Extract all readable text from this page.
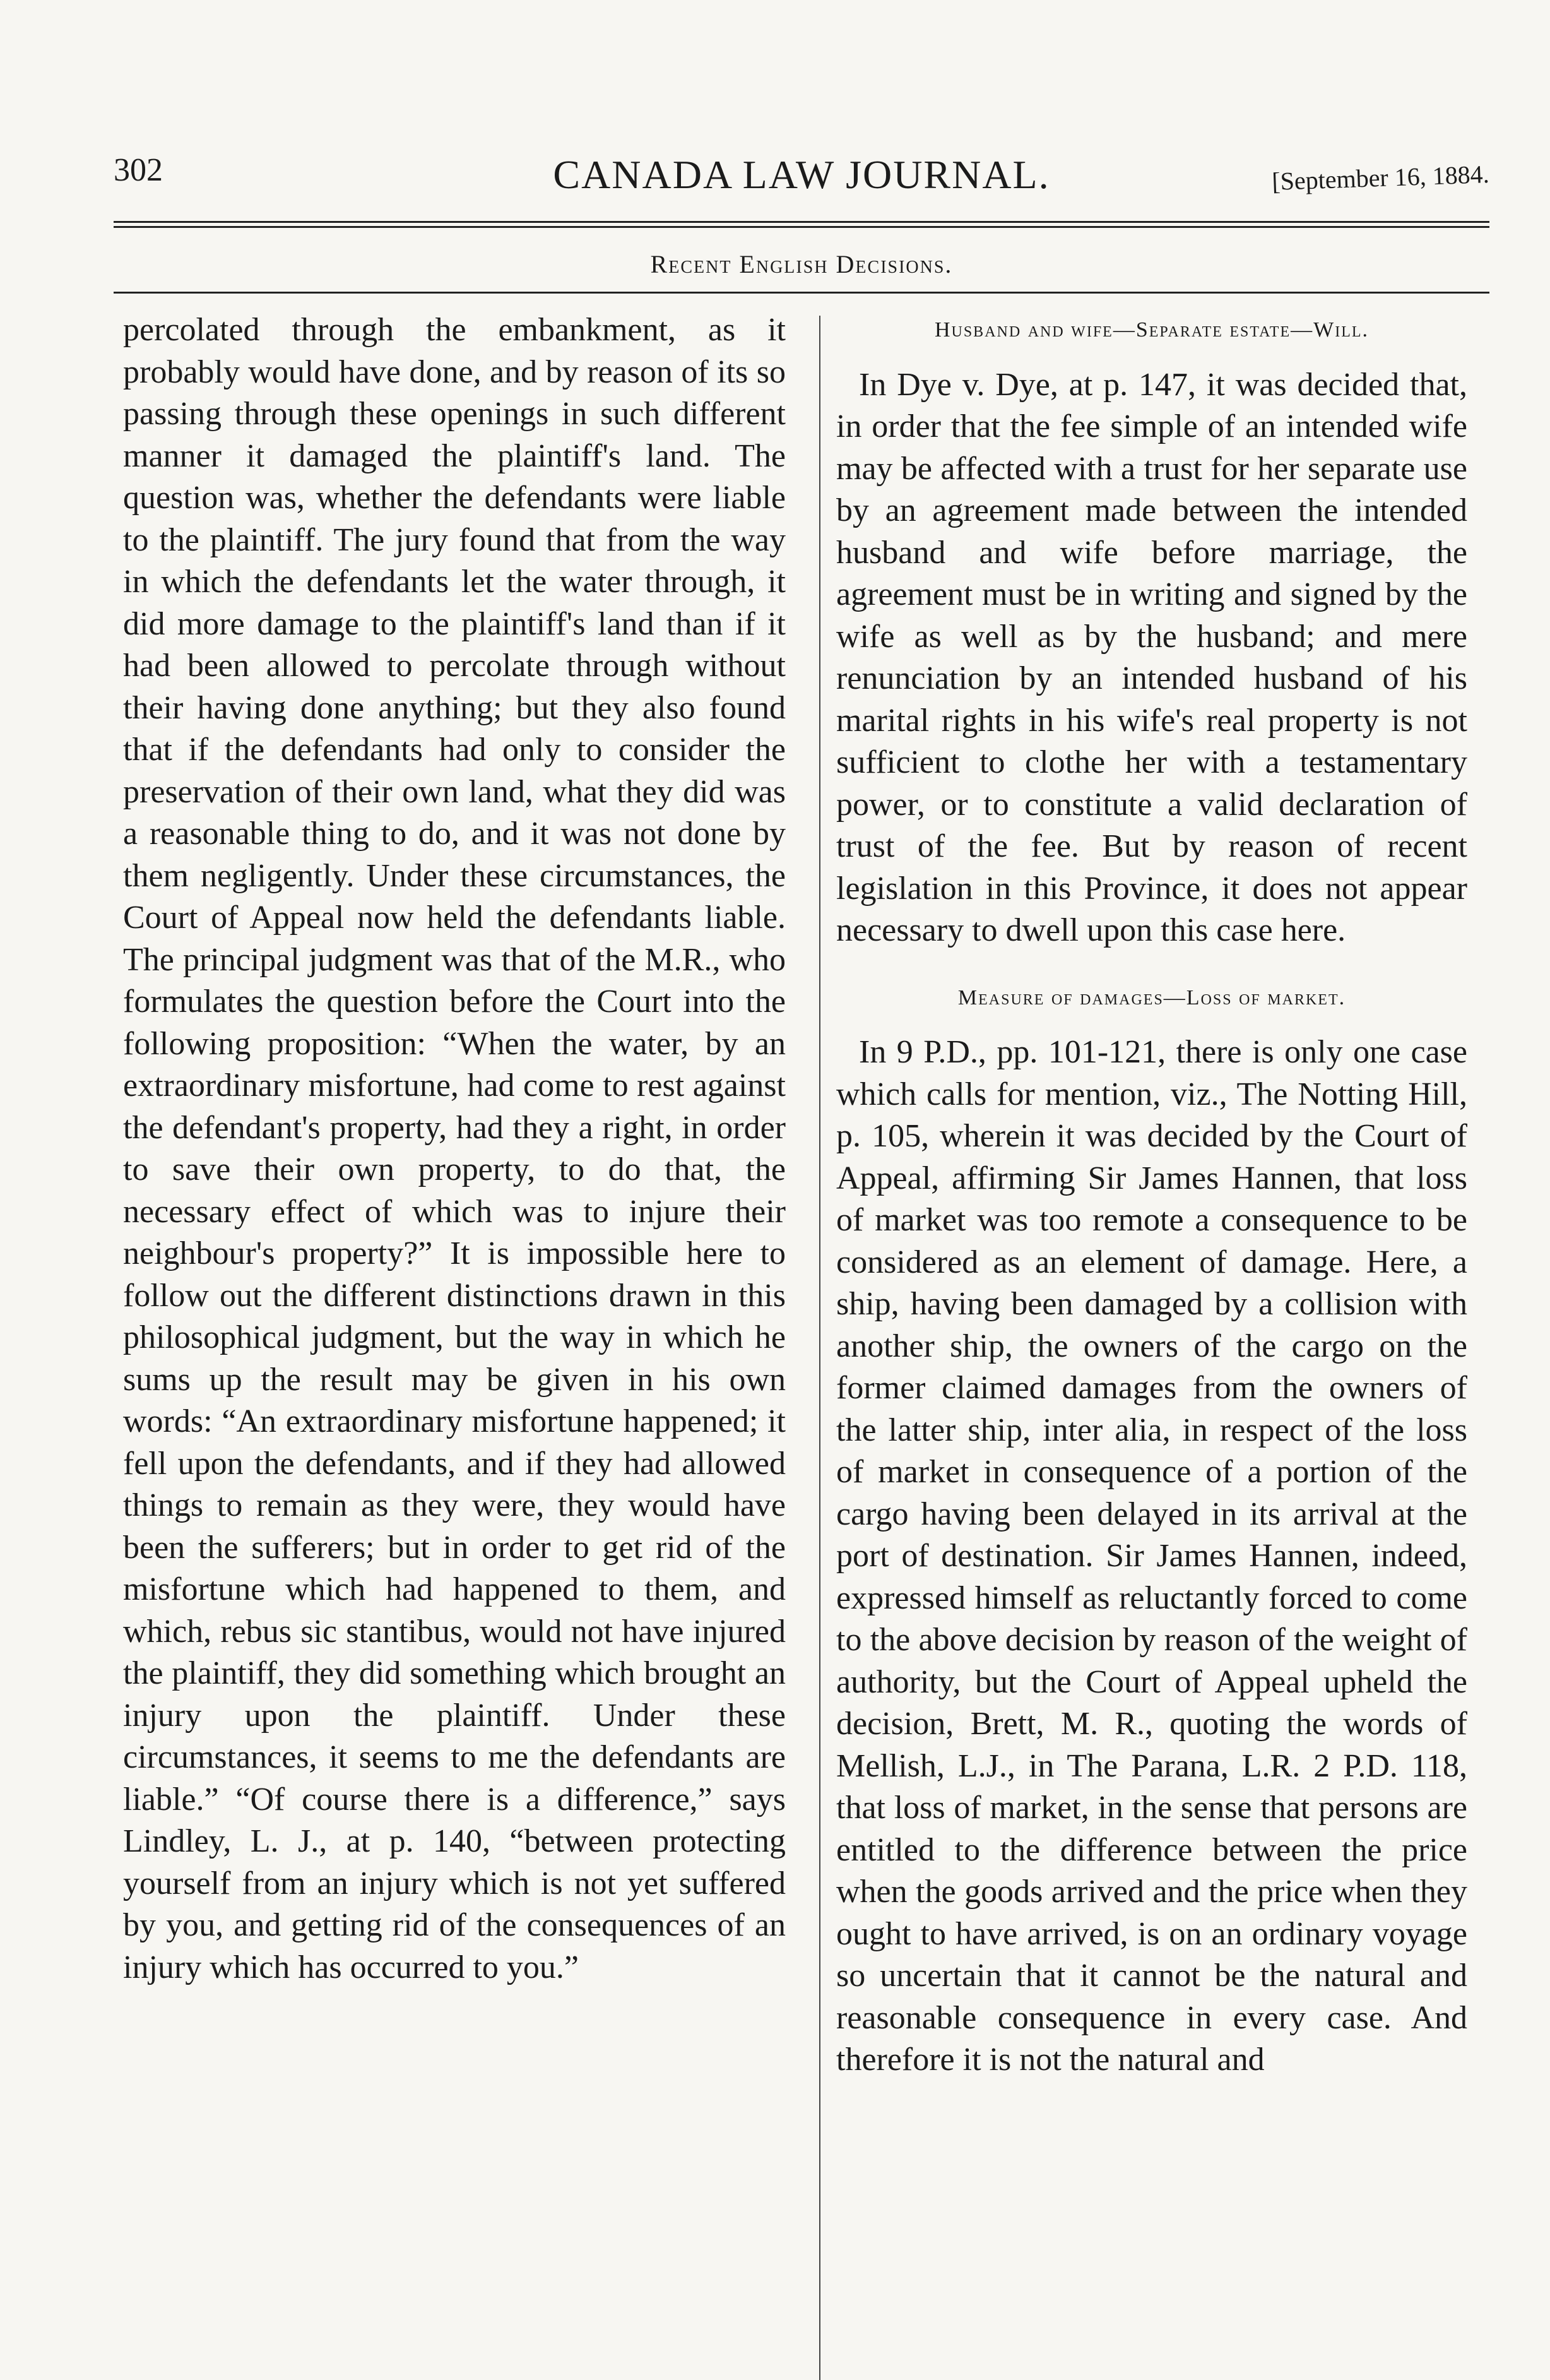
302	CANADA LAW JOURNAL.	[September 16, 1884.
Recent English Decisions.

percolated through the embankment, as it probably would have done, and by reason of its so passing through these openings in such different manner it damaged the plaintiff's land. The question was, whether the defendants were liable to the plaintiff. The jury found that from the way in which the defendants let the water through, it did more damage to the plaintiff's land than if it had been allowed to percolate through without their having done anything; but they also found that if the defendants had only to consider the preservation of their own land, what they did was a reasonable thing to do, and it was not done by them negligently. Under these circumstances, the Court of Appeal now held the defendants liable. The principal judgment was that of the M.R., who formulates the question before the Court into the following proposition: “When the water, by an extraordinary misfortune, had come to rest against the defendant's property, had they a right, in order to save their own property, to do that, the necessary effect of which was to injure their neighbour's property?” It is impossible here to follow out the different distinctions drawn in this philosophical judgment, but the way in which he sums up the result may be given in his own words: “An extraordinary misfortune happened; it fell upon the defendants, and if they had allowed things to remain as they were, they would have been the sufferers; but in order to get rid of the misfortune which had happened to them, and which, rebus sic stantibus, would not have injured the plaintiff, they did something which brought an injury upon the plaintiff. Under these circumstances, it seems to me the defendants are liable.” “Of course there is a difference,” says Lindley, L. J., at p. 140, “between protecting yourself from an injury which is not yet suffered by you, and getting rid of the consequences of an injury which has occurred to you.”

Husband and wife—Separate estate—Will.

In Dye v. Dye, at p. 147, it was decided that, in order that the fee simple of an intended wife may be affected with a trust for her separate use by an agreement made between the intended husband and wife before marriage, the agreement must be in writing and signed by the wife as well as by the husband; and mere renunciation by an intended husband of his marital rights in his wife's real property is not sufficient to clothe her with a testamentary power, or to constitute a valid declaration of trust of the fee. But by reason of recent legislation in this Province, it does not appear necessary to dwell upon this case here.

Measure of damages—Loss of market.

In 9 P.D., pp. 101-121, there is only one case which calls for mention, viz., The Notting Hill, p. 105, wherein it was decided by the Court of Appeal, affirming Sir James Hannen, that loss of market was too remote a consequence to be considered as an element of damage. Here, a ship, having been damaged by a collision with another ship, the owners of the cargo on the former claimed damages from the owners of the latter ship, inter alia, in respect of the loss of market in consequence of a portion of the cargo having been delayed in its arrival at the port of destination. Sir James Hannen, indeed, expressed himself as reluctantly forced to come to the above decision by reason of the weight of authority, but the Court of Appeal upheld the decision, Brett, M. R., quoting the words of Mellish, L.J., in The Parana, L.R. 2 P.D. 118, that loss of market, in the sense that persons are entitled to the difference between the price when the goods arrived and the price when they ought to have arrived, is on an ordinary voyage so uncertain that it cannot be the natural and reasonable consequence in every case. And therefore it is not the natural and
